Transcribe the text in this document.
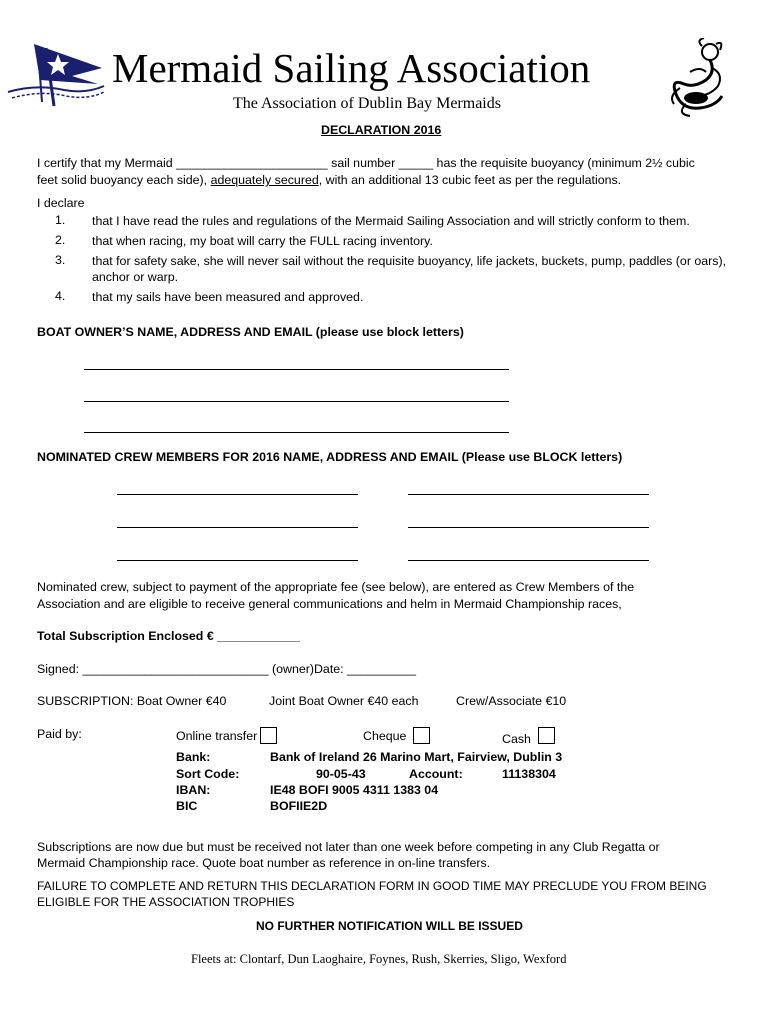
Mermaid Sailing Association
The Association of Dublin Bay Mermaids
DECLARATION 2016
I certify that my Mermaid ______________________ sail number _____ has the requisite buoyancy (minimum 2½ cubic
feet solid buoyancy each side), adequately secured, with an additional 13 cubic feet as per the regulations.
I declare
1. that I have read the rules and regulations of the Mermaid Sailing Association and will strictly conform to them.
2. that when racing, my boat will carry the FULL racing inventory.
3. that for safety sake, she will never sail without the requisite buoyancy, life jackets, buckets, pump, paddles (or oars), anchor or warp.
4. that my sails have been measured and approved.
BOAT OWNER’S NAME, ADDRESS AND EMAIL (please use block letters)
NOMINATED CREW MEMBERS FOR 2016 NAME, ADDRESS AND EMAIL (Please use BLOCK letters)
Nominated crew, subject to payment of the appropriate fee (see below), are entered as Crew Members of the
Association and are eligible to receive general communications and helm in Mermaid Championship races,
Total Subscription Enclosed € ____________
Signed: ___________________________ (owner)Date: __________
SUBSCRIPTION: Boat Owner €40	Joint Boat Owner €40 each	Crew/Associate €10
Paid by:	Online transfer	Cheque	Cash
Bank:	Bank of Ireland 26 Marino Mart, Fairview, Dublin 3
Sort Code:	90-05-43	Account:	11138304
IBAN:	IE48 BOFI 9005 4311 1383 04
BIC	BOFIIE2D
Subscriptions are now due but must be received not later than one week before competing in any Club Regatta or
Mermaid Championship race. Quote boat number as reference in on-line transfers.
FAILURE TO COMPLETE AND RETURN THIS DECLARATION FORM IN GOOD TIME MAY PRECLUDE YOU FROM BEING
ELIGIBLE FOR THE ASSOCIATION TROPHIES
NO FURTHER NOTIFICATION WILL BE ISSUED
Fleets at: Clontarf, Dun Laoghaire, Foynes, Rush, Skerries, Sligo, Wexford
